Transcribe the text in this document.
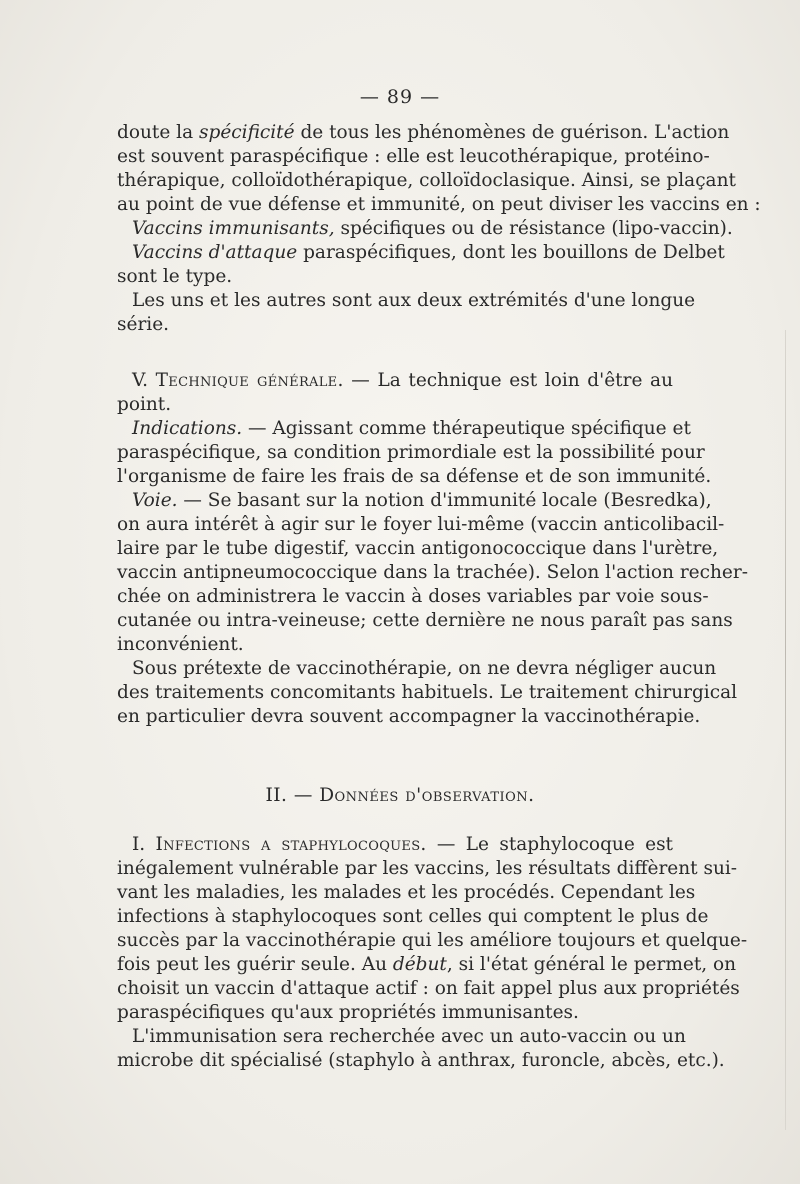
— 89 —
doute la spécificité de tous les phénomènes de guérison. L'action
est souvent paraspécifique : elle est leucothérapique, protéino-
thérapique, colloïdothérapique, colloïdoclasique. Ainsi, se plaçant
au point de vue défense et immunité, on peut diviser les vaccins en :
Vaccins immunisants, spécifiques ou de résistance (lipo-vaccin).
Vaccins d'attaque paraspécifiques, dont les bouillons de Delbet
sont le type.
Les uns et les autres sont aux deux extrémités d'une longue
série.
V. Technique générale. — La technique est loin d'être au
point.
Indications. — Agissant comme thérapeutique spécifique et
paraspécifique, sa condition primordiale est la possibilité pour
l'organisme de faire les frais de sa défense et de son immunité.
Voie. — Se basant sur la notion d'immunité locale (Besredka),
on aura intérêt à agir sur le foyer lui-même (vaccin anticolibacil-
laire par le tube digestif, vaccin antigonococcique dans l'urètre,
vaccin antipneumococcique dans la trachée). Selon l'action recher-
chée on administrera le vaccin à doses variables par voie sous-
cutanée ou intra-veineuse; cette dernière ne nous paraît pas sans
inconvénient.
Sous prétexte de vaccinothérapie, on ne devra négliger aucun
des traitements concomitants habituels. Le traitement chirurgical
en particulier devra souvent accompagner la vaccinothérapie.
II. — Données d'observation.
I. Infections a staphylocoques. — Le staphylocoque est
inégalement vulnérable par les vaccins, les résultats diffèrent sui-
vant les maladies, les malades et les procédés. Cependant les
infections à staphylocoques sont celles qui comptent le plus de
succès par la vaccinothérapie qui les améliore toujours et quelque-
fois peut les guérir seule. Au début, si l'état général le permet, on
choisit un vaccin d'attaque actif : on fait appel plus aux propriétés
paraspécifiques qu'aux propriétés immunisantes.
L'immunisation sera recherchée avec un auto-vaccin ou un
microbe dit spécialisé (staphylo à anthrax, furoncle, abcès, etc.).
